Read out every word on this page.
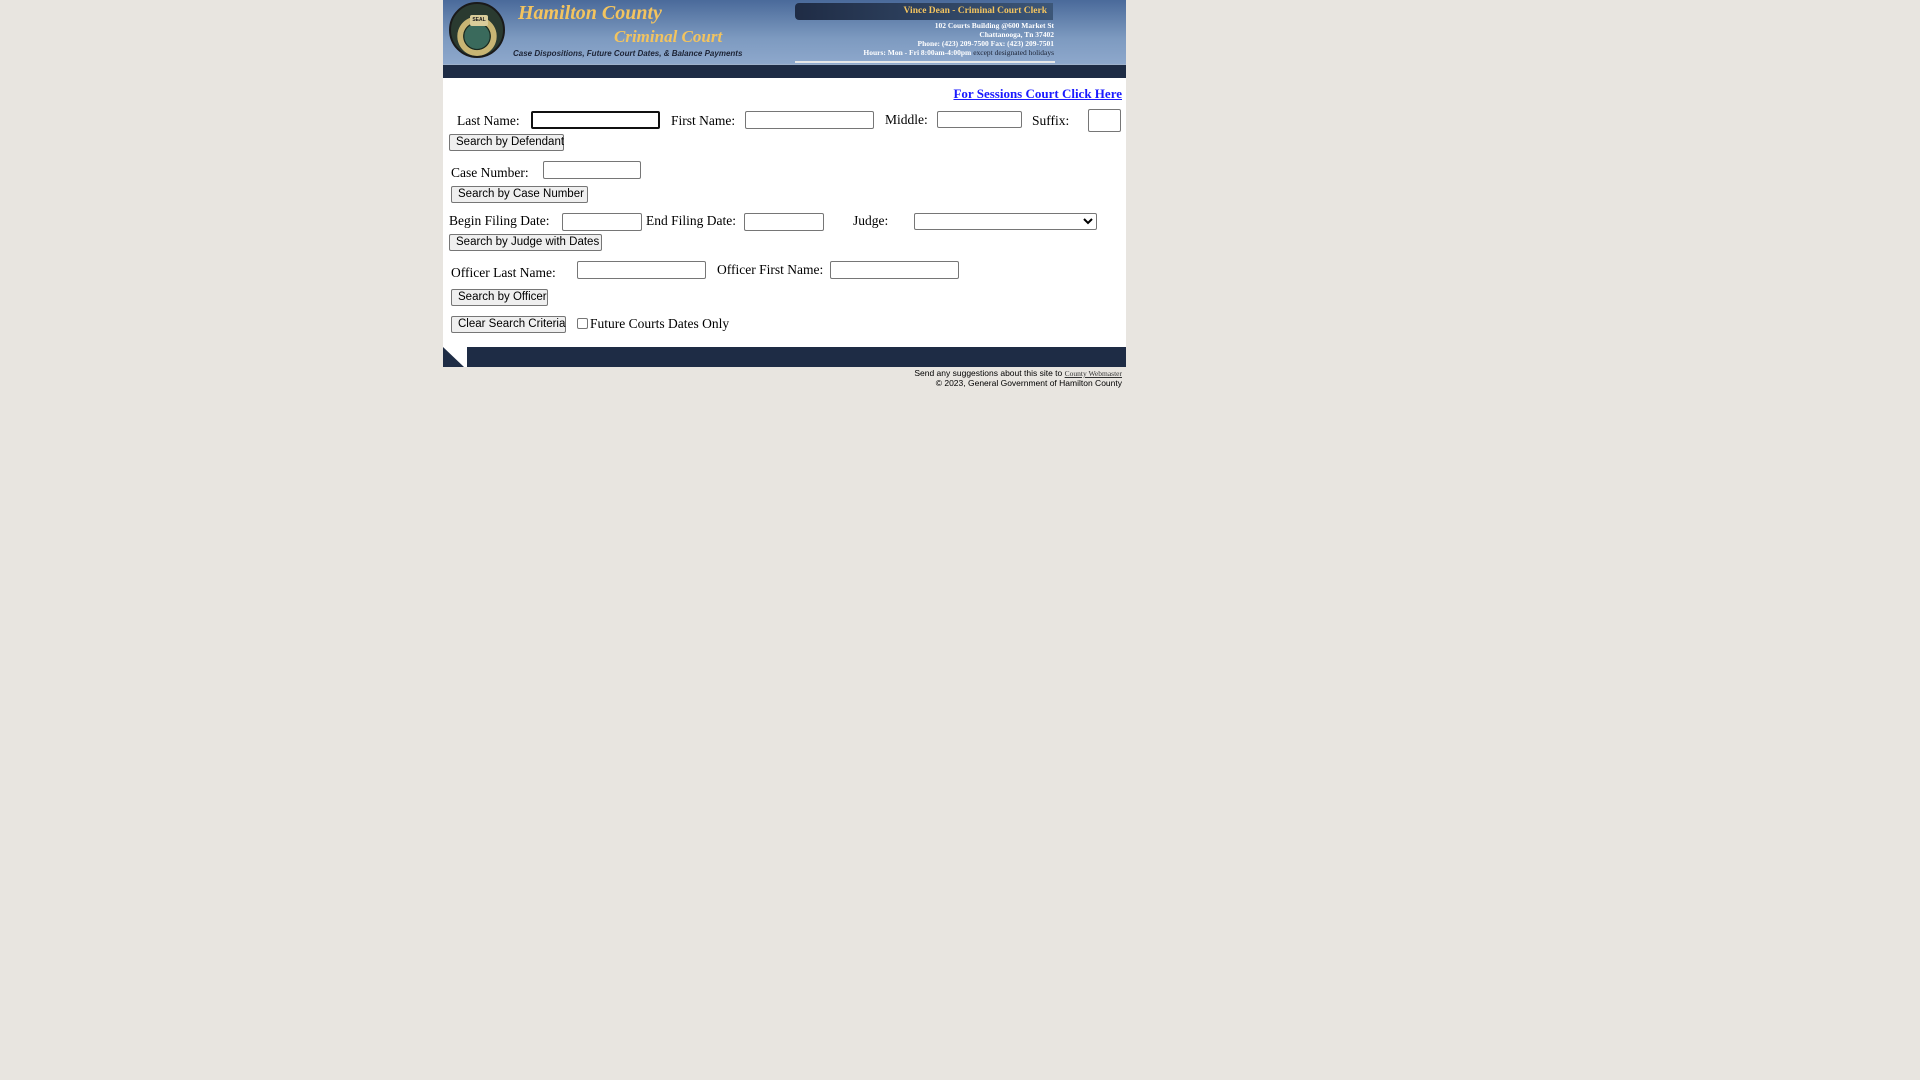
SEAL Hamilton County
Criminal Court
Case Dispositions, Future Court Dates, & Balance Payments
Vince Dean - Criminal Court Clerk
102 Courts Building @600 Market St
Chattanooga, Tn 37402
Phone: (423) 209-7500 Fax: (423) 209-7501
Hours: Mon - Fri 8:00am-4:00pm except designated holidays
For Sessions Court Click Here
Last Name:	First Name:	Middle:	Suffix:
Search by Defendant
Case Number:
Search by Case Number
Begin Filing Date:	End Filing Date:	Judge:
Search by Judge with Dates
Officer Last Name:	Officer First Name:
Search by Officer
Clear Search Criteria Future Courts Dates Only
Send any suggestions about this site to County Webmaster
© 2023, General Government of Hamilton County
